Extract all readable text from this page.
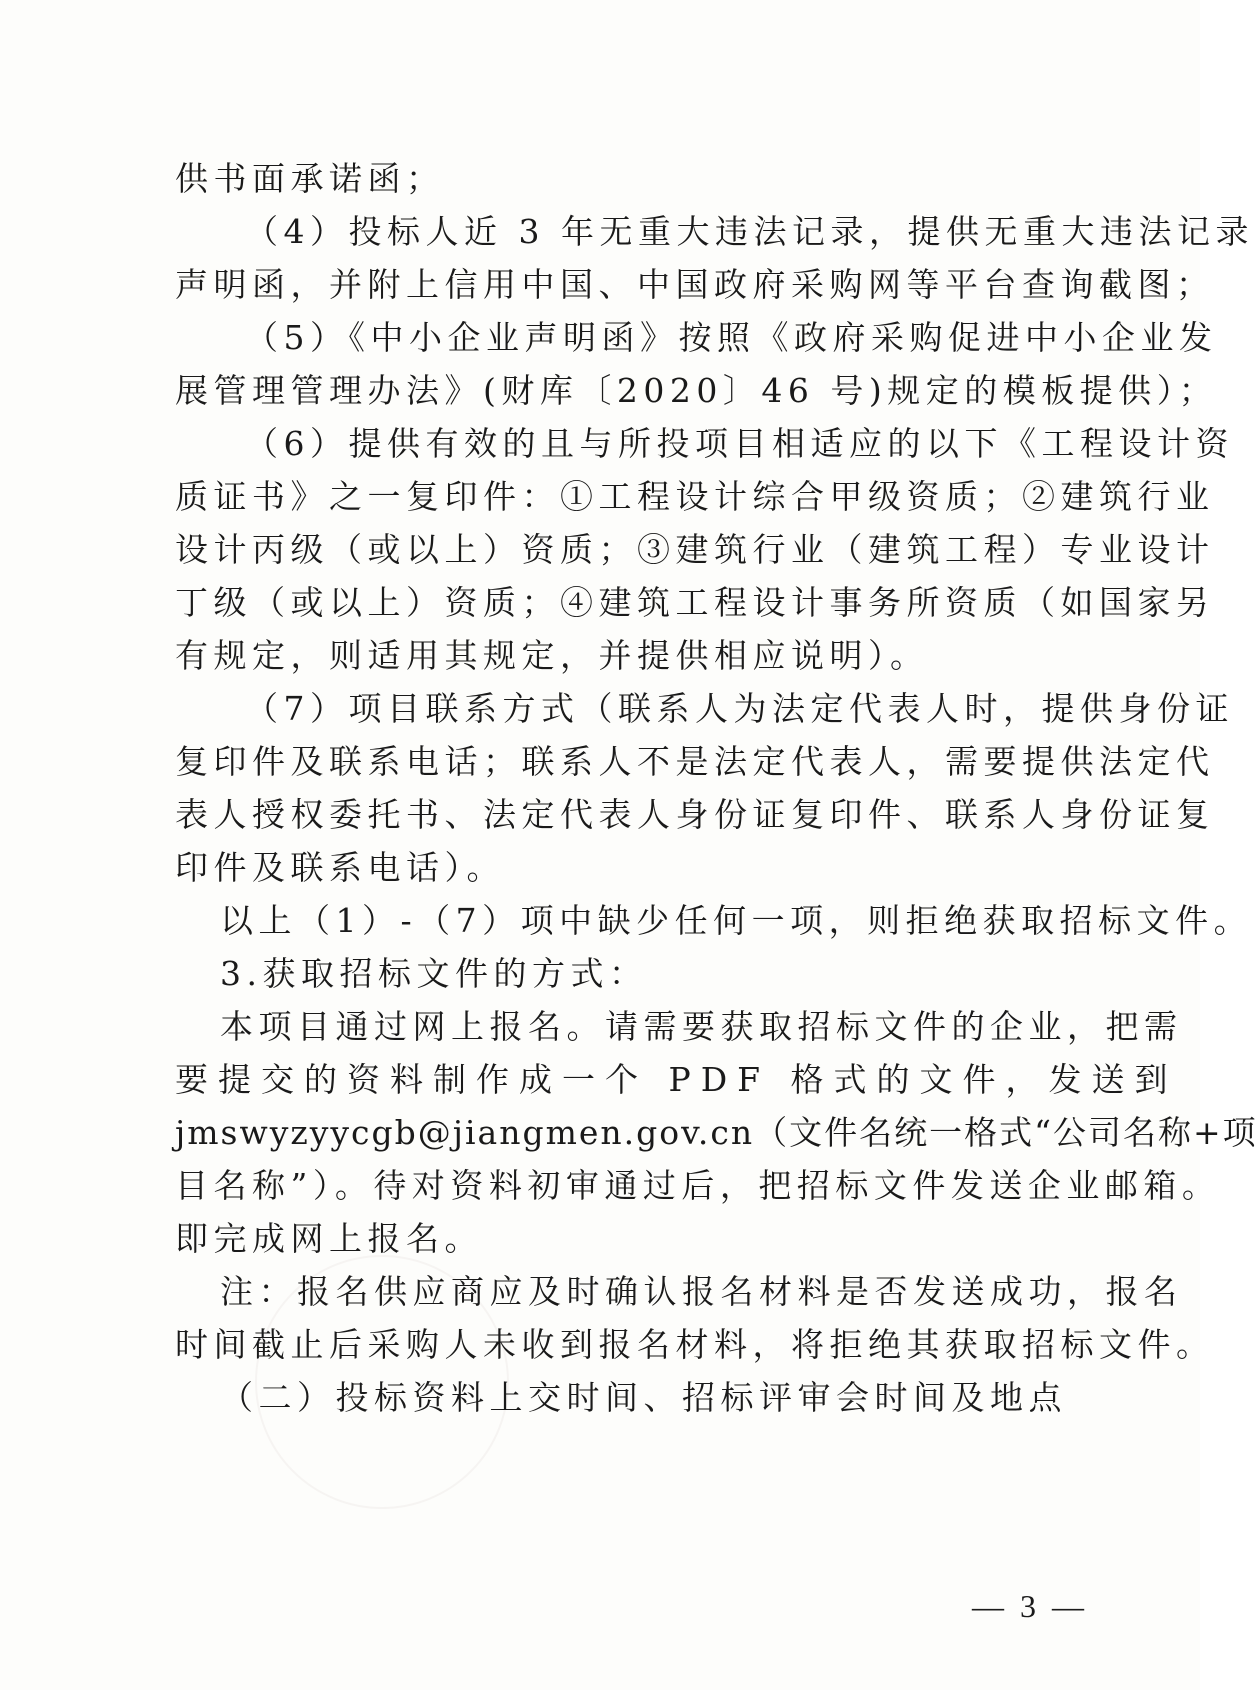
供书面承诺函；
（4）投标人近 3 年无重大违法记录，提供无重大违法记录
声明函，并附上信用中国、中国政府采购网等平台查询截图；
（5）《中小企业声明函》按照《政府采购促进中小企业发
展管理管理办法》(财库〔2020〕46 号)规定的模板提供）；
（6）提供有效的且与所投项目相适应的以下《工程设计资
质证书》之一复印件：①工程设计综合甲级资质；②建筑行业
设计丙级（或以上）资质；③建筑行业（建筑工程）专业设计
丁级（或以上）资质；④建筑工程设计事务所资质（如国家另
有规定，则适用其规定，并提供相应说明）。
（7）项目联系方式（联系人为法定代表人时，提供身份证
复印件及联系电话；联系人不是法定代表人，需要提供法定代
表人授权委托书、法定代表人身份证复印件、联系人身份证复
印件及联系电话）。
以上（1）-（7）项中缺少任何一项，则拒绝获取招标文件。
3.获取招标文件的方式：
本项目通过网上报名。请需要获取招标文件的企业，把需
要提交的资料制作成一个 PDF 格式的文件，发送到
jmswyzyycgb@jiangmen.gov.cn（文件名统一格式“公司名称+项
目名称”）。待对资料初审通过后，把招标文件发送企业邮箱。
即完成网上报名。
注：报名供应商应及时确认报名材料是否发送成功，报名
时间截止后采购人未收到报名材料，将拒绝其获取招标文件。
（二）投标资料上交时间、招标评审会时间及地点
— 3 —
